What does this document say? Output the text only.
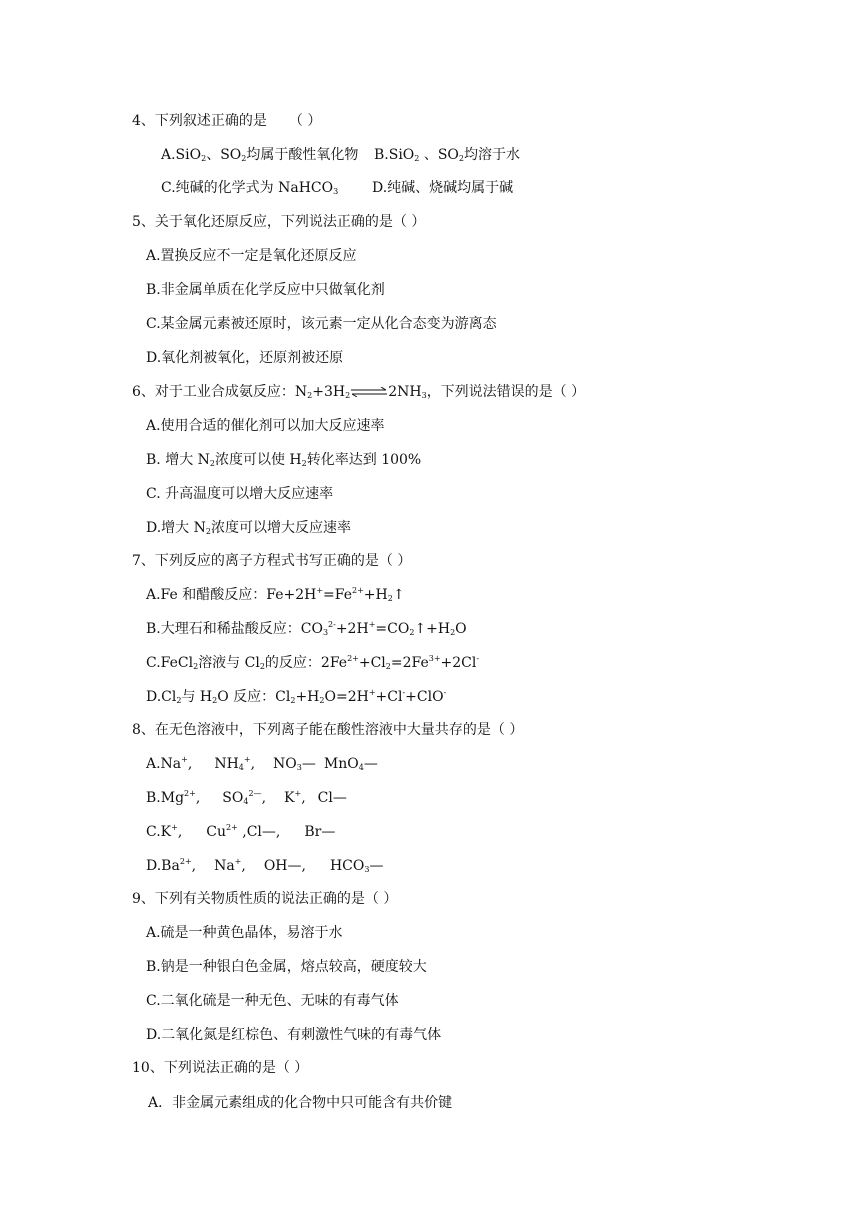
4、下列叙述正确的是 （ ）
A.SiO$_2$、$SO_2$均属于酸性氧化物 B.SiO$_2$ 、$SO_2$均溶于水
C.纯碱的化学式为 NaHCO$_3$ D.纯碱、烧碱均属于碱
5、关于氧化还原反应，下列说法正确的是（ ）
A.置换反应不一定是氧化还原反应
B.非金属单质在化学反应中只做氧化剂
C.某金属元素被还原时，该元素一定从化合态变为游离态
D.氧化剂被氧化，还原剂被还原
6、对于工业合成氨反应：$N_2+3H_2\rightleftharpoons 2NH_3$，下列说法错误的是（ ）
A.使用合适的催化剂可以加大反应速率
B. 增大 $N_2$浓度可以使 $H_2$转化率达到 100%
C. 升高温度可以增大反应速率
D.增大 $N_2$浓度可以增大反应速率
7、下列反应的离子方程式书写正确的是（ ）
A.Fe 和醋酸反应：$Fe+2H^+=Fe^{2+}+H_2↑$
B.大理石和稀盐酸反应：$CO_3^{2-}+2H^+=CO_2↑+H_2O$
C.FeCl$_2$溶液与 $Cl_2$的反应：$2Fe^{2+}+Cl_2=2Fe^{3+}+2Cl^-$
$D.Cl_2$与 $H_2O$ 反应：$Cl_2+H_2O=2H^++Cl^-+ClO^-$
8、在无色溶液中，下列离子能在酸性溶液中大量共存的是（ ）
A.Na+, $NH_4^+$, $NO_3—$ MnO$_4$—
$B.Mg^{2+}$, $SO_4^{2—}$, K+, Cl—
C.K+, $Cu^{2+}$ ,Cl—, Br—
$D.Ba^{2+}$, Na+, OH—, $HCO_3—$
9、下列有关物质性质的说法正确的是（ ）
A.硫是一种黄色晶体，易溶于水
B.钠是一种银白色金属，熔点较高，硬度较大
C.二氧化硫是一种无色、无味的有毒气体
D.二氧化氮是红棕色、有刺激性气味的有毒气体
10、下列说法正确的是（ ）
A．非金属元素组成的化合物中只可能含有共价键
